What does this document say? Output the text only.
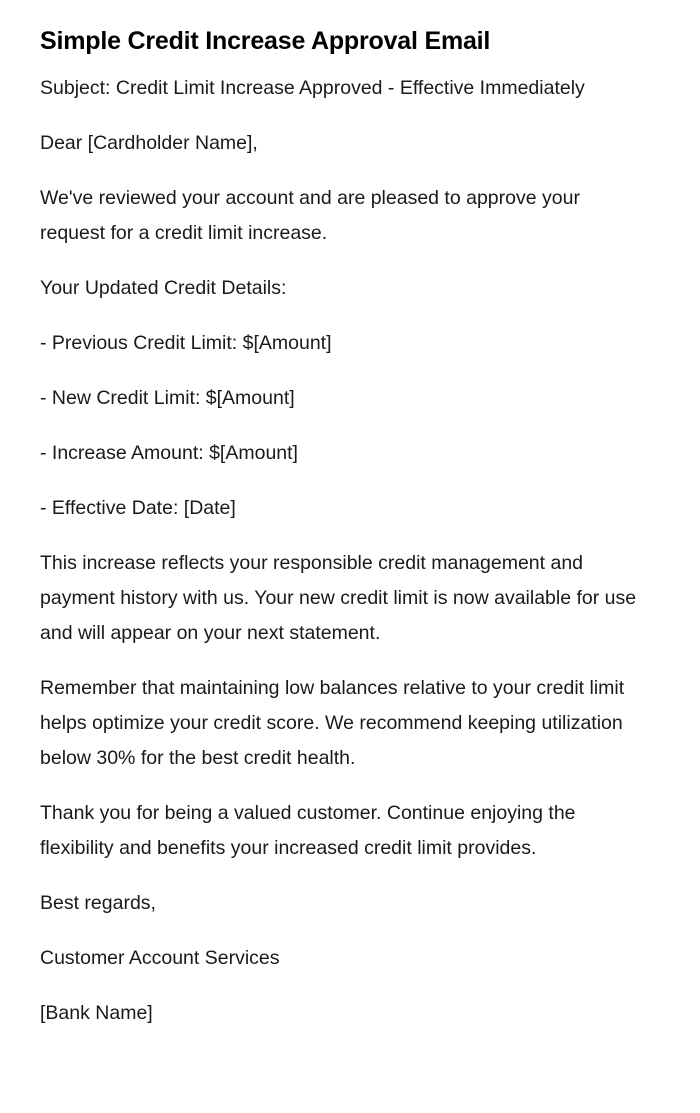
Simple Credit Increase Approval Email

Subject: Credit Limit Increase Approved - Effective Immediately

Dear [Cardholder Name],

We've reviewed your account and are pleased to approve your request for a credit limit increase.

Your Updated Credit Details:

- Previous Credit Limit: $[Amount]

- New Credit Limit: $[Amount]

- Increase Amount: $[Amount]

- Effective Date: [Date]

This increase reflects your responsible credit management and payment history with us. Your new credit limit is now available for use and will appear on your next statement.

Remember that maintaining low balances relative to your credit limit helps optimize your credit score. We recommend keeping utilization below 30% for the best credit health.

Thank you for being a valued customer. Continue enjoying the flexibility and benefits your increased credit limit provides.

Best regards,

Customer Account Services

[Bank Name]
